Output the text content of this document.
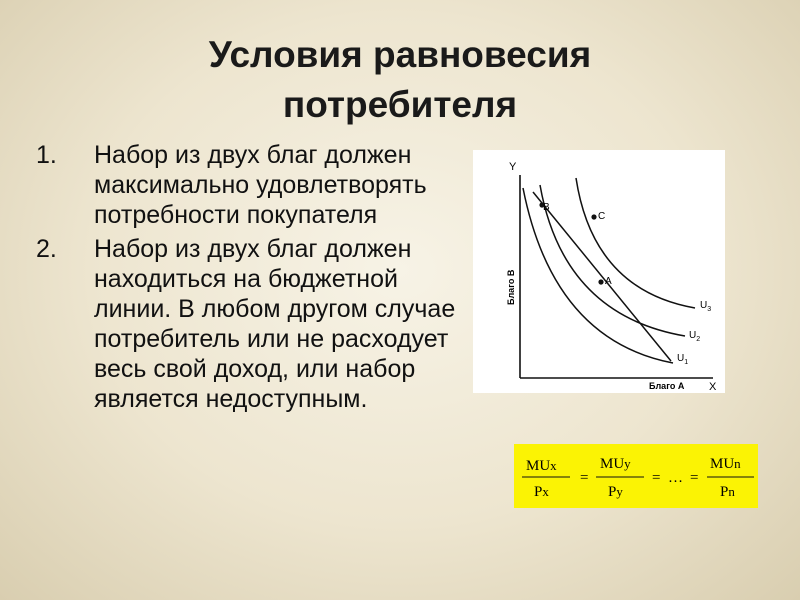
Условия равновесия
потребителя
1. Набор из двух благ должен максимально удовлетворять потребности покупателя
2. Набор из двух благ должен находиться на бюджетной линии. В любом другом случае потребитель или не расходует весь свой доход, или набор является недоступным.
Y
X
Благо В
Благо А
B
C
A
$U_3$
$U_2$
$U_1$
MUx
Px
=
MUy
Py
= … =
MUn
Pn
